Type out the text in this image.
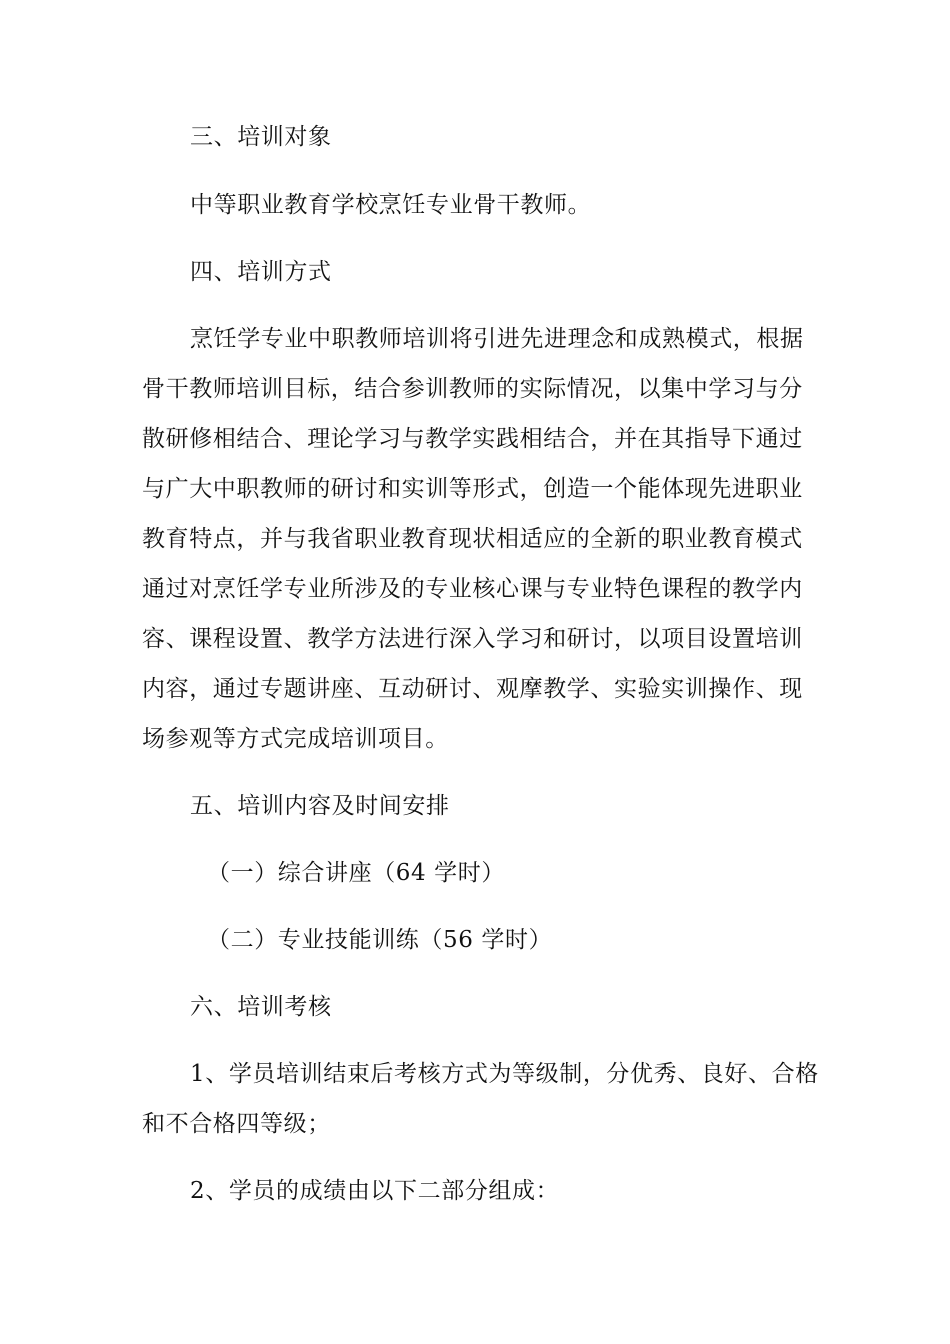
三、培训对象
中等职业教育学校烹饪专业骨干教师。
四、培训方式
烹饪学专业中职教师培训将引进先进理念和成熟模式，根据
骨干教师培训目标，结合参训教师的实际情况，以集中学习与分
散研修相结合、理论学习与教学实践相结合，并在其指导下通过
与广大中职教师的研讨和实训等形式，创造一个能体现先进职业
教育特点，并与我省职业教育现状相适应的全新的职业教育模式
通过对烹饪学专业所涉及的专业核心课与专业特色课程的教学内
容、课程设置、教学方法进行深入学习和研讨，以项目设置培训
内容，通过专题讲座、互动研讨、观摩教学、实验实训操作、现
场参观等方式完成培训项目。
五、培训内容及时间安排
（一）综合讲座（64 学时）
（二）专业技能训练（56 学时）
六、培训考核
1、学员培训结束后考核方式为等级制，分优秀、良好、合格
和不合格四等级；
2、学员的成绩由以下二部分组成：
